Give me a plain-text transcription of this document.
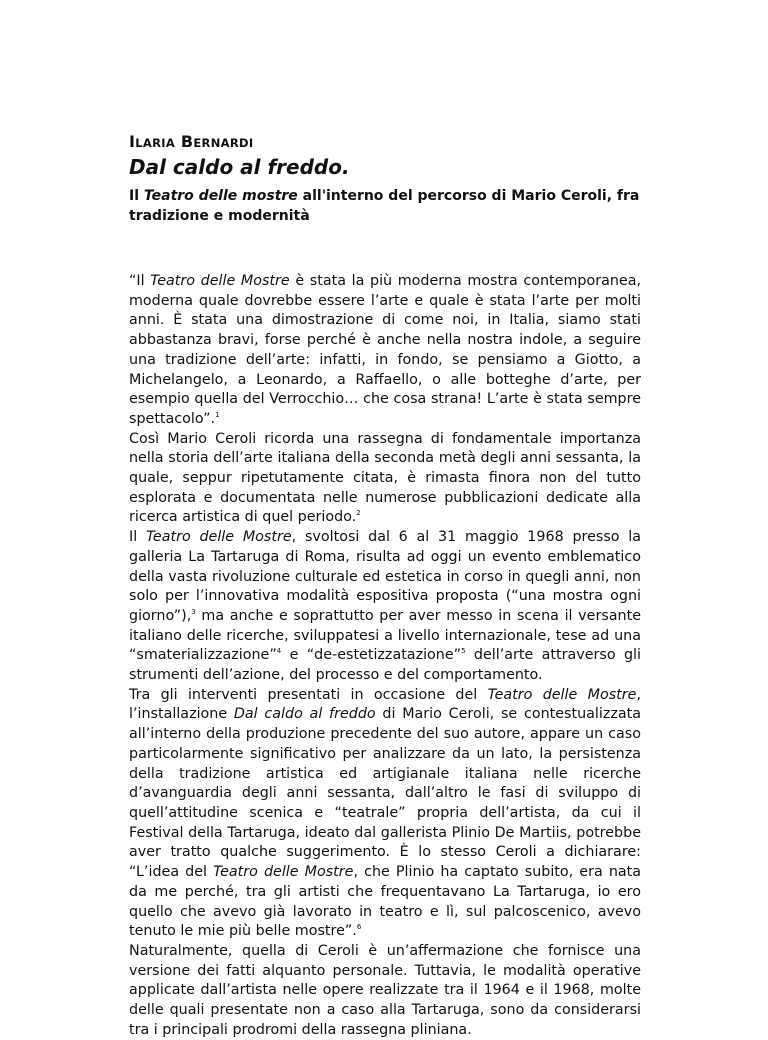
ILARIA BERNARDI
Dal caldo al freddo.
Il Teatro delle mostre all'interno del percorso di Mario Ceroli, fra tradizione e modernità

“Il Teatro delle Mostre è stata la più moderna mostra contemporanea, moderna quale dovrebbe essere l’arte e quale è stata l’arte per molti anni. È stata una dimostrazione di come noi, in Italia, siamo stati abbastanza bravi, forse perché è anche nella nostra indole, a seguire una tradizione dell’arte: infatti, in fondo, se pensiamo a Giotto, a Michelangelo, a Leonardo, a Raffaello, o alle botteghe d’arte, per esempio quella del Verrocchio… che cosa strana! L’arte è stata sempre spettacolo”.$^1$

Così Mario Ceroli ricorda una rassegna di fondamentale importanza nella storia dell’arte italiana della seconda metà degli anni sessanta, la quale, seppur ripetutamente citata, è rimasta finora non del tutto esplorata e documentata nelle numerose pubblicazioni dedicate alla ricerca artistica di quel periodo.$^2$

Il Teatro delle Mostre, svoltosi dal 6 al 31 maggio 1968 presso la galleria La Tartaruga di Roma, risulta ad oggi un evento emblematico della vasta rivoluzione culturale ed estetica in corso in quegli anni, non solo per l’innovativa modalità espositiva proposta (“una mostra ogni giorno”),$^3$ ma anche e soprattutto per aver messo in scena il versante italiano delle ricerche, sviluppatesi a livello internazionale, tese ad una “smaterializzazione”$^4$ e “de-estetizzatazione”$^5$ dell’arte attraverso gli strumenti dell’azione, del processo e del comportamento.

Tra gli interventi presentati in occasione del Teatro delle Mostre, l’installazione Dal caldo al freddo di Mario Ceroli, se contestualizzata all’interno della produzione precedente del suo autore, appare un caso particolarmente significativo per analizzare da un lato, la persistenza della tradizione artistica ed artigianale italiana nelle ricerche d’avanguardia degli anni sessanta, dall’altro le fasi di sviluppo di quell’attitudine scenica e “teatrale” propria dell’artista, da cui il Festival della Tartaruga, ideato dal gallerista Plinio De Martiis, potrebbe aver tratto qualche suggerimento. È lo stesso Ceroli a dichiarare: “L’idea del Teatro delle Mostre, che Plinio ha captato subito, era nata da me perché, tra gli artisti che frequentavano La Tartaruga, io ero quello che avevo già lavorato in teatro e lì, sul palcoscenico, avevo tenuto le mie più belle mostre”.$^6$

Naturalmente, quella di Ceroli è un’affermazione che fornisce una versione dei fatti alquanto personale. Tuttavia, le modalità operative applicate dall’artista nelle opere realizzate tra il 1964 e il 1968, molte delle quali presentate non a caso alla Tartaruga, sono da considerarsi tra i principali prodromi della rassegna pliniana.
